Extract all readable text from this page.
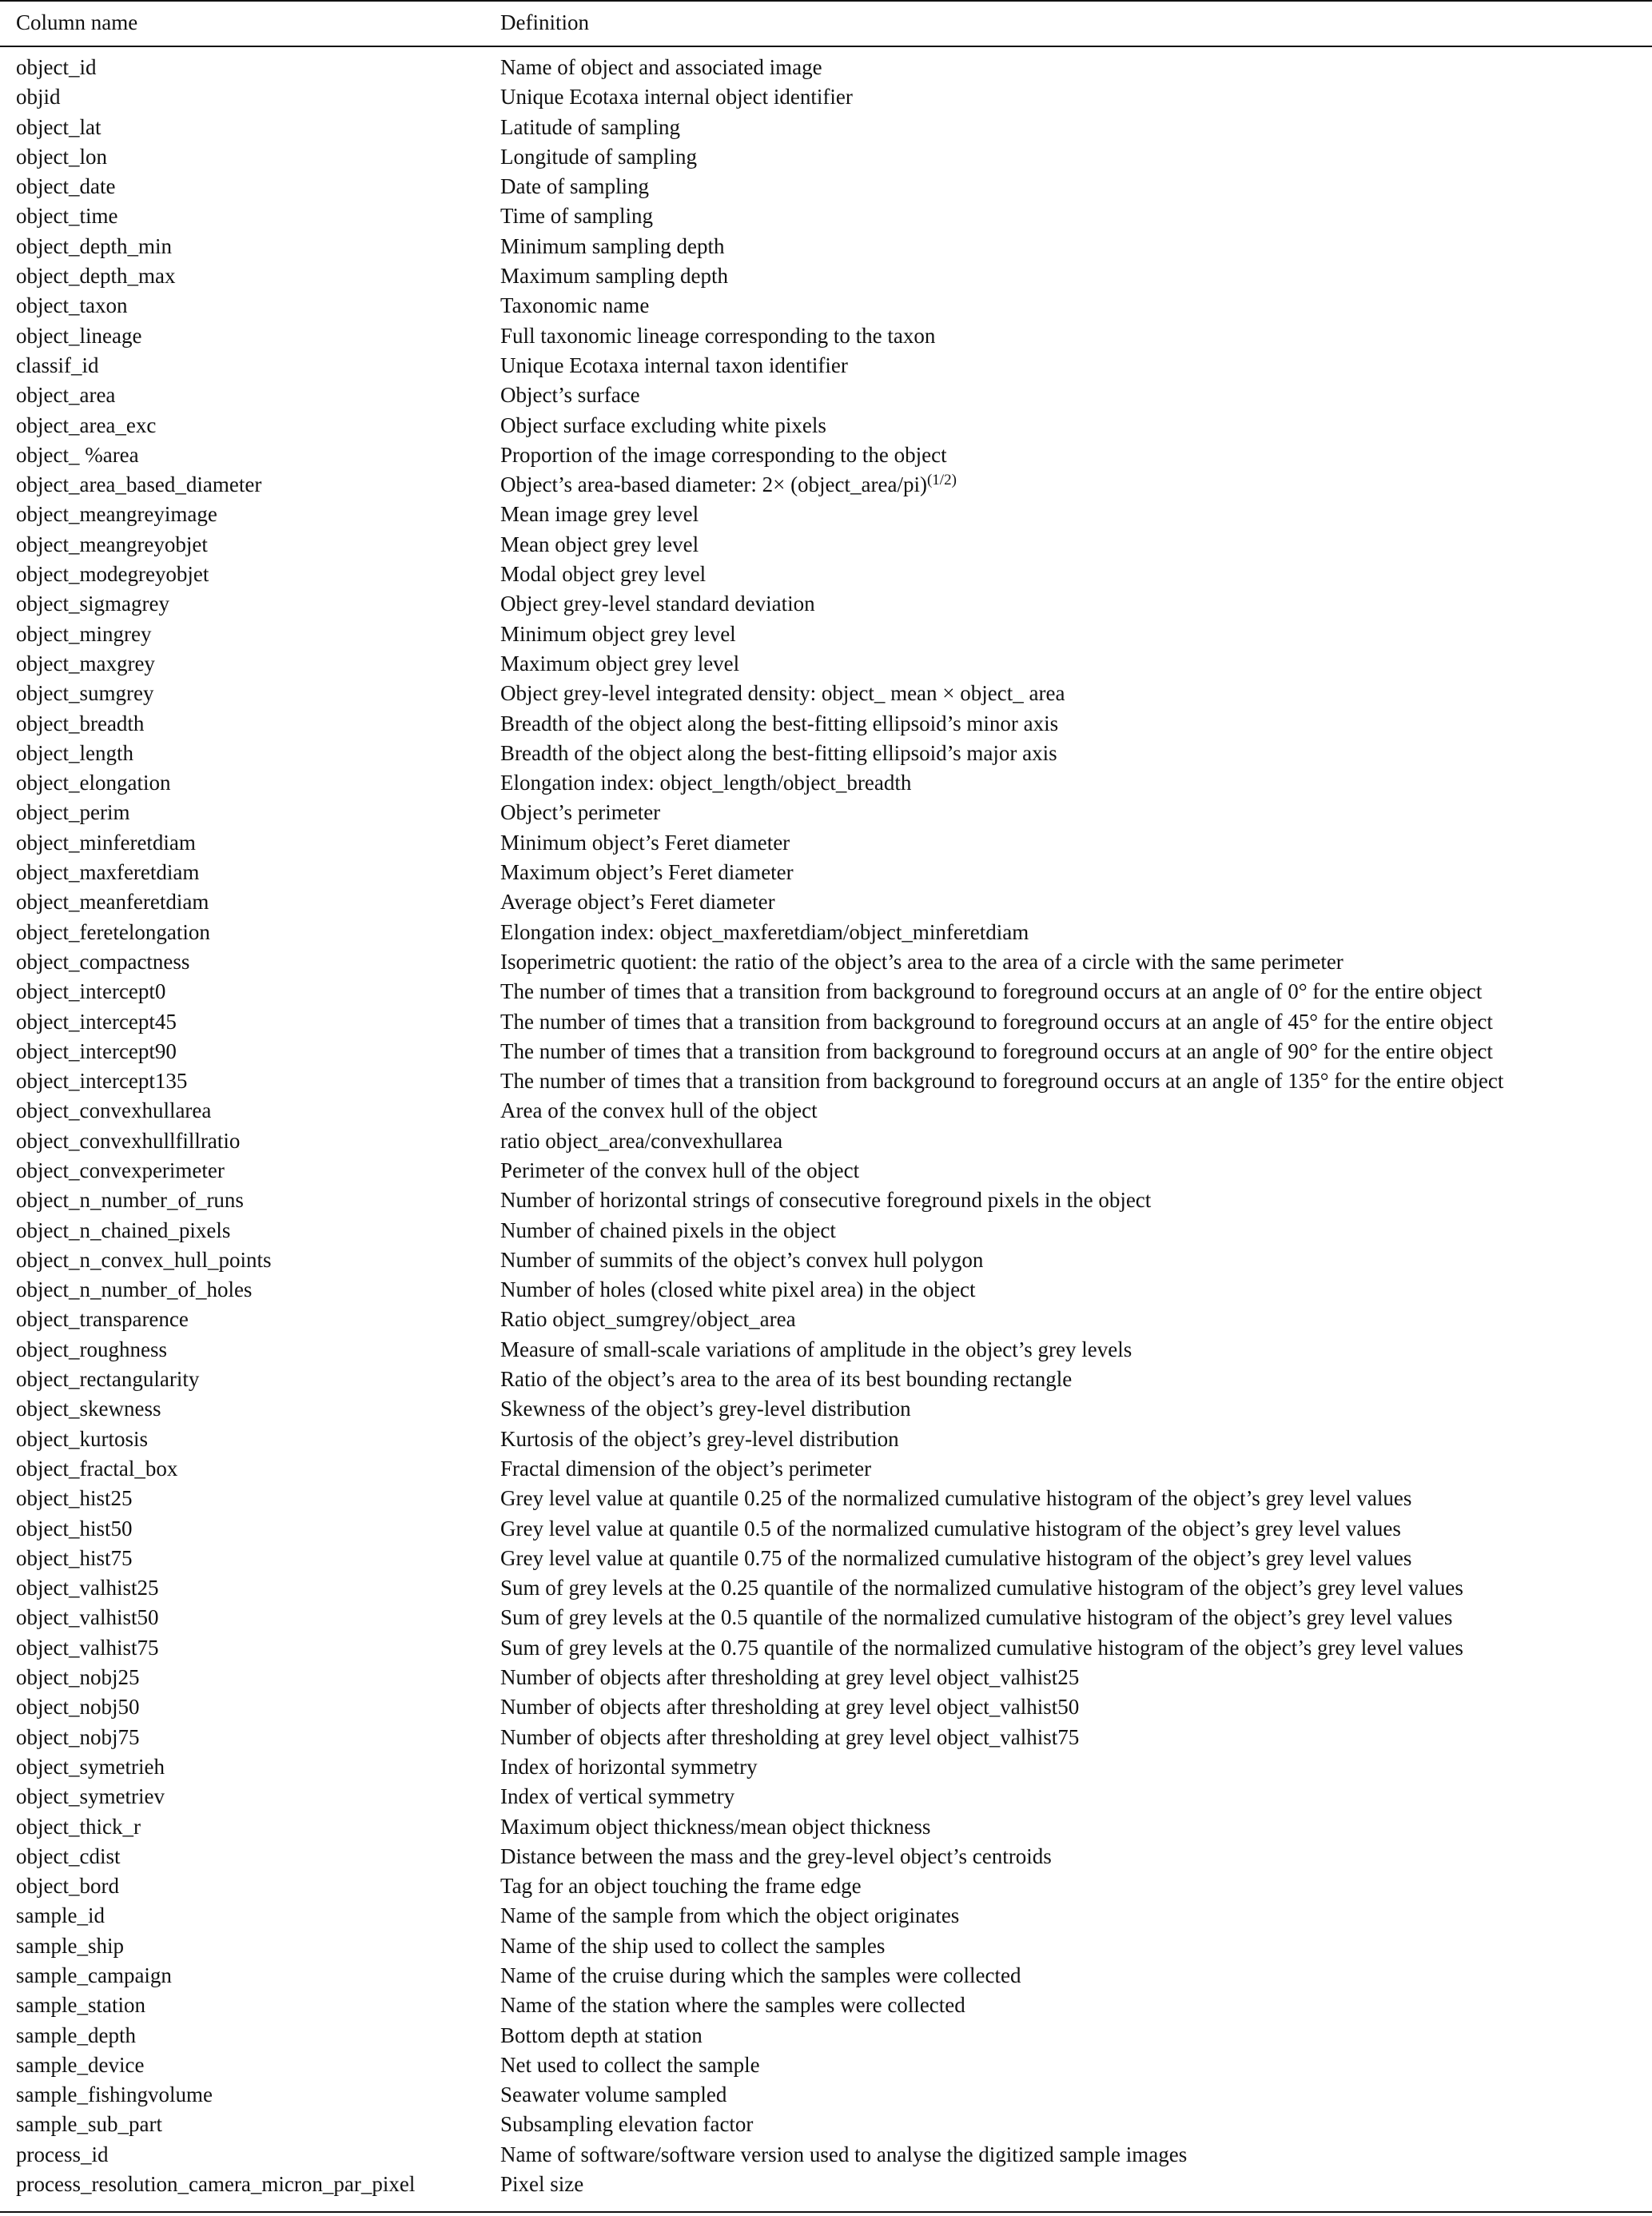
Column name	Definition
object_id	Name of object and associated image
objid	Unique Ecotaxa internal object identifier
object_lat	Latitude of sampling
object_lon	Longitude of sampling
object_date	Date of sampling
object_time	Time of sampling
object_depth_min	Minimum sampling depth
object_depth_max	Maximum sampling depth
object_taxon	Taxonomic name
object_lineage	Full taxonomic lineage corresponding to the taxon
classif_id	Unique Ecotaxa internal taxon identifier
object_area	Object’s surface
object_area_exc	Object surface excluding white pixels
object_ %area	Proportion of the image corresponding to the object
object_area_based_diameter	Object’s area-based diameter: 2× (object_area/pi)$^{(1/2)}$
object_meangreyimage	Mean image grey level
object_meangreyobjet	Mean object grey level
object_modegreyobjet	Modal object grey level
object_sigmagrey	Object grey-level standard deviation
object_mingrey	Minimum object grey level
object_maxgrey	Maximum object grey level
object_sumgrey	Object grey-level integrated density: object_ mean × object_ area
object_breadth	Breadth of the object along the best-fitting ellipsoid’s minor axis
object_length	Breadth of the object along the best-fitting ellipsoid’s major axis
object_elongation	Elongation index: object_length/object_breadth
object_perim	Object’s perimeter
object_minferetdiam	Minimum object’s Feret diameter
object_maxferetdiam	Maximum object’s Feret diameter
object_meanferetdiam	Average object’s Feret diameter
object_feretelongation	Elongation index: object_maxferetdiam/object_minferetdiam
object_compactness	Isoperimetric quotient: the ratio of the object’s area to the area of a circle with the same perimeter
object_intercept0	The number of times that a transition from background to foreground occurs at an angle of 0° for the entire object
object_intercept45	The number of times that a transition from background to foreground occurs at an angle of 45° for the entire object
object_intercept90	The number of times that a transition from background to foreground occurs at an angle of 90° for the entire object
object_intercept135	The number of times that a transition from background to foreground occurs at an angle of 135° for the entire object
object_convexhullarea	Area of the convex hull of the object
object_convexhullfillratio	ratio object_area/convexhullarea
object_convexperimeter	Perimeter of the convex hull of the object
object_n_number_of_runs	Number of horizontal strings of consecutive foreground pixels in the object
object_n_chained_pixels	Number of chained pixels in the object
object_n_convex_hull_points	Number of summits of the object’s convex hull polygon
object_n_number_of_holes	Number of holes (closed white pixel area) in the object
object_transparence	Ratio object_sumgrey/object_area
object_roughness	Measure of small-scale variations of amplitude in the object’s grey levels
object_rectangularity	Ratio of the object’s area to the area of its best bounding rectangle
object_skewness	Skewness of the object’s grey-level distribution
object_kurtosis	Kurtosis of the object’s grey-level distribution
object_fractal_box	Fractal dimension of the object’s perimeter
object_hist25	Grey level value at quantile 0.25 of the normalized cumulative histogram of the object’s grey level values
object_hist50	Grey level value at quantile 0.5 of the normalized cumulative histogram of the object’s grey level values
object_hist75	Grey level value at quantile 0.75 of the normalized cumulative histogram of the object’s grey level values
object_valhist25	Sum of grey levels at the 0.25 quantile of the normalized cumulative histogram of the object’s grey level values
object_valhist50	Sum of grey levels at the 0.5 quantile of the normalized cumulative histogram of the object’s grey level values
object_valhist75	Sum of grey levels at the 0.75 quantile of the normalized cumulative histogram of the object’s grey level values
object_nobj25	Number of objects after thresholding at grey level object_valhist25
object_nobj50	Number of objects after thresholding at grey level object_valhist50
object_nobj75	Number of objects after thresholding at grey level object_valhist75
object_symetrieh	Index of horizontal symmetry
object_symetriev	Index of vertical symmetry
object_thick_r	Maximum object thickness/mean object thickness
object_cdist	Distance between the mass and the grey-level object’s centroids
object_bord	Tag for an object touching the frame edge
sample_id	Name of the sample from which the object originates
sample_ship	Name of the ship used to collect the samples
sample_campaign	Name of the cruise during which the samples were collected
sample_station	Name of the station where the samples were collected
sample_depth	Bottom depth at station
sample_device	Net used to collect the sample
sample_fishingvolume	Seawater volume sampled
sample_sub_part	Subsampling elevation factor
process_id	Name of software/software version used to analyse the digitized sample images
process_resolution_camera_micron_par_pixel	Pixel size
